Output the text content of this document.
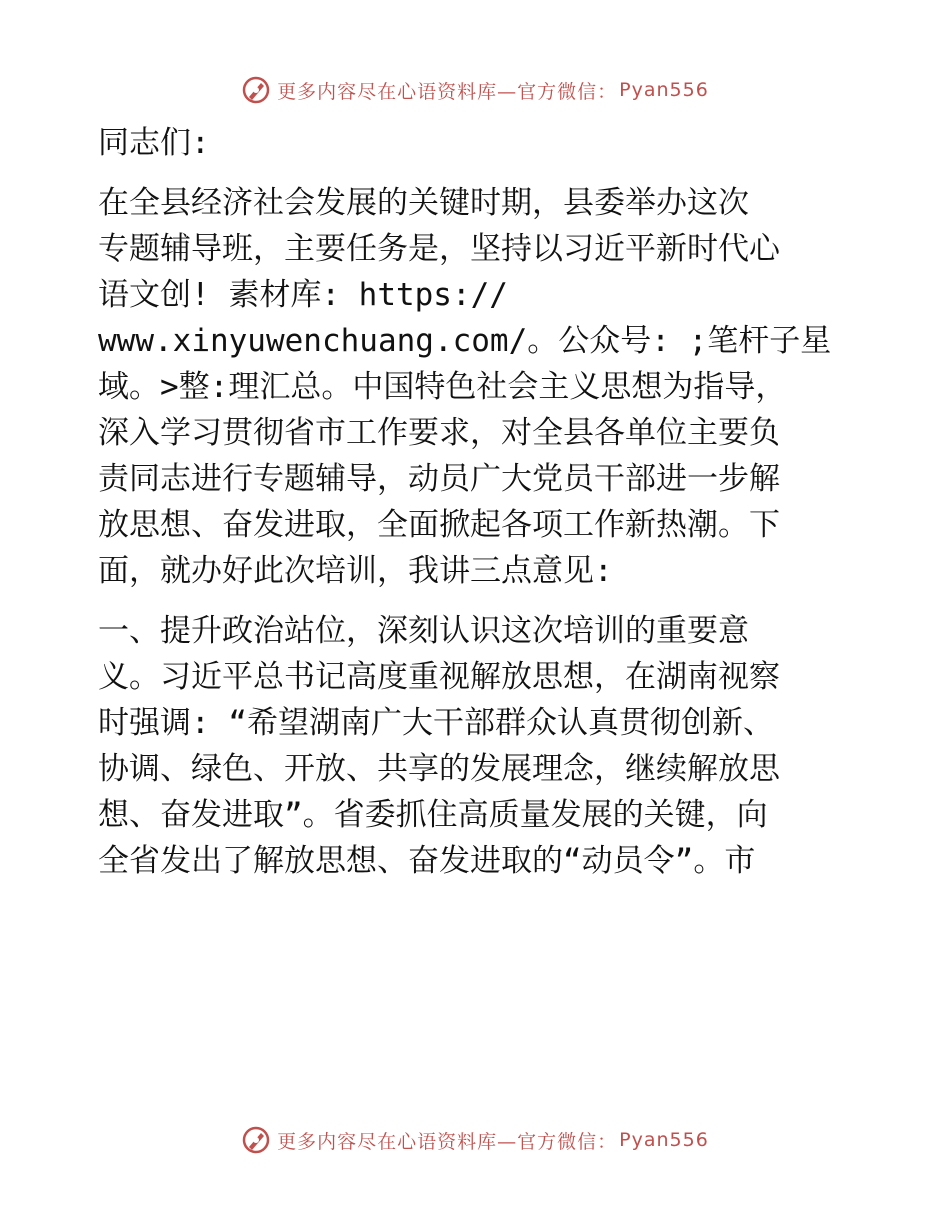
更多内容尽在心语资料库—官方微信： Pyan556
同志们:
在全县经济社会发展的关键时期，县委举办这次
专题辅导班，主要任务是，坚持以习近平新时代心
语文创! 素材库: https://
www.xinyuwenchuang.com/。公众号: ;笔杆子星
域。>整:理汇总。中国特色社会主义思想为指导，
深入学习贯彻省市工作要求，对全县各单位主要负
责同志进行专题辅导，动员广大党员干部进一步解
放思想、奋发进取，全面掀起各项工作新热潮。下
面，就办好此次培训，我讲三点意见:
一、提升政治站位，深刻认识这次培训的重要意
义。习近平总书记高度重视解放思想，在湖南视察
时强调: “希望湖南广大干部群众认真贯彻创新、
协调、绿色、开放、共享的发展理念，继续解放思
想、奋发进取”。省委抓住高质量发展的关键，向
全省发出了解放思想、奋发进取的“动员令”。市
更多内容尽在心语资料库—官方微信： Pyan556
